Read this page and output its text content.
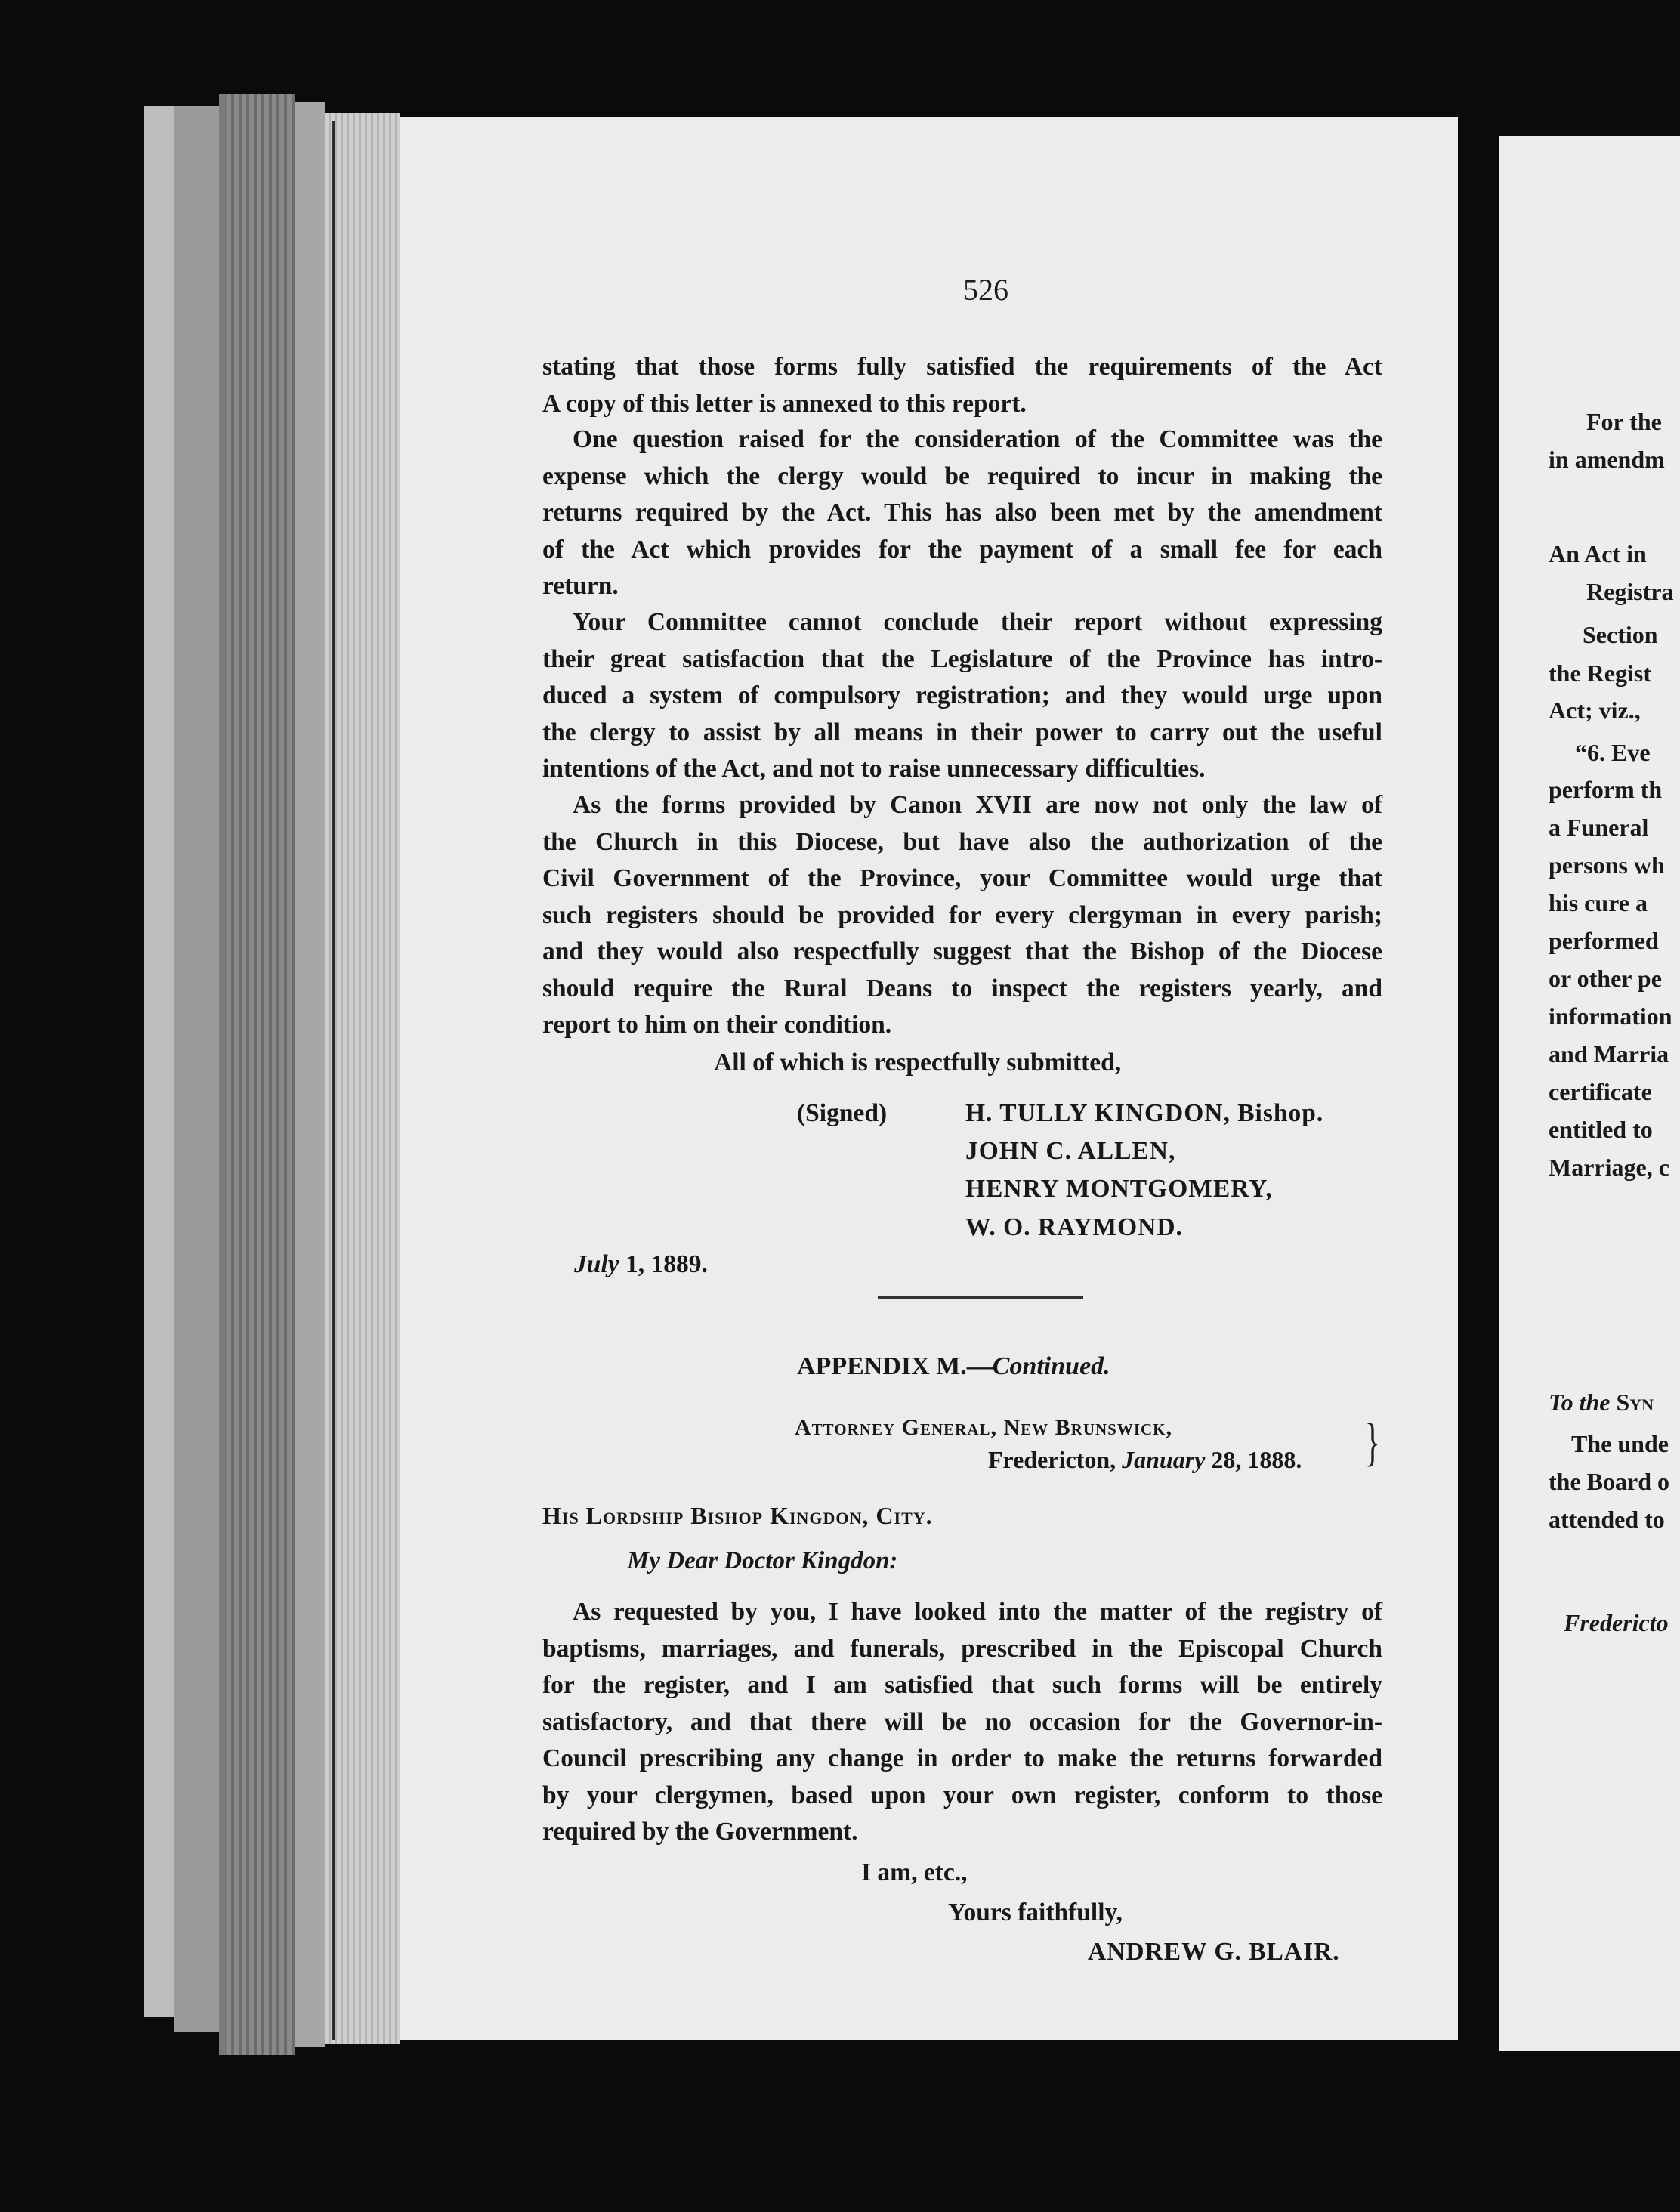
526
stating that those forms fully satisfied the requirements of the Act
A copy of this letter is annexed to this report.
One question raised for the consideration of the Committee was the
expense which the clergy would be required to incur in making the
returns required by the Act. This has also been met by the amendment
of the Act which provides for the payment of a small fee for each
return.
Your Committee cannot conclude their report without expressing
their great satisfaction that the Legislature of the Province has intro-
duced a system of compulsory registration; and they would urge upon
the clergy to assist by all means in their power to carry out the useful
intentions of the Act, and not to raise unnecessary difficulties.
As the forms provided by Canon XVII are now not only the law of
the Church in this Diocese, but have also the authorization of the
Civil Government of the Province, your Committee would urge that
such registers should be provided for every clergyman in every parish;
and they would also respectfully suggest that the Bishop of the Diocese
should require the Rural Deans to inspect the registers yearly, and
report to him on their condition.
All of which is respectfully submitted,
(Signed)	H. TULLY KINGDON, Bishop.
JOHN C. ALLEN,
HENRY MONTGOMERY,
W. O. RAYMOND.
July 1, 1889.
APPENDIX M.—Continued.
Attorney General, New Brunswick,
Fredericton, January 28, 1888. }
His Lordship Bishop Kingdon, City.
My Dear Doctor Kingdon:
As requested by you, I have looked into the matter of the registry of
baptisms, marriages, and funerals, prescribed in the Episcopal Church
for the register, and I am satisfied that such forms will be entirely
satisfactory, and that there will be no occasion for the Governor-in-
Council prescribing any change in order to make the returns forwarded
by your clergymen, based upon your own register, conform to those
required by the Government.
I am, etc.,
Yours faithfully,
ANDREW G. BLAIR.
For the
in amendm
An Act in
Registra
Section
the Regist
Act; viz.,
“6. Eve
perform th
a Funeral
persons wh
his cure a
performed
or other pe
information
and Marria
certificate
entitled to
Marriage, c
To the Syn
The unde
the Board o
attended to
Fredericto
